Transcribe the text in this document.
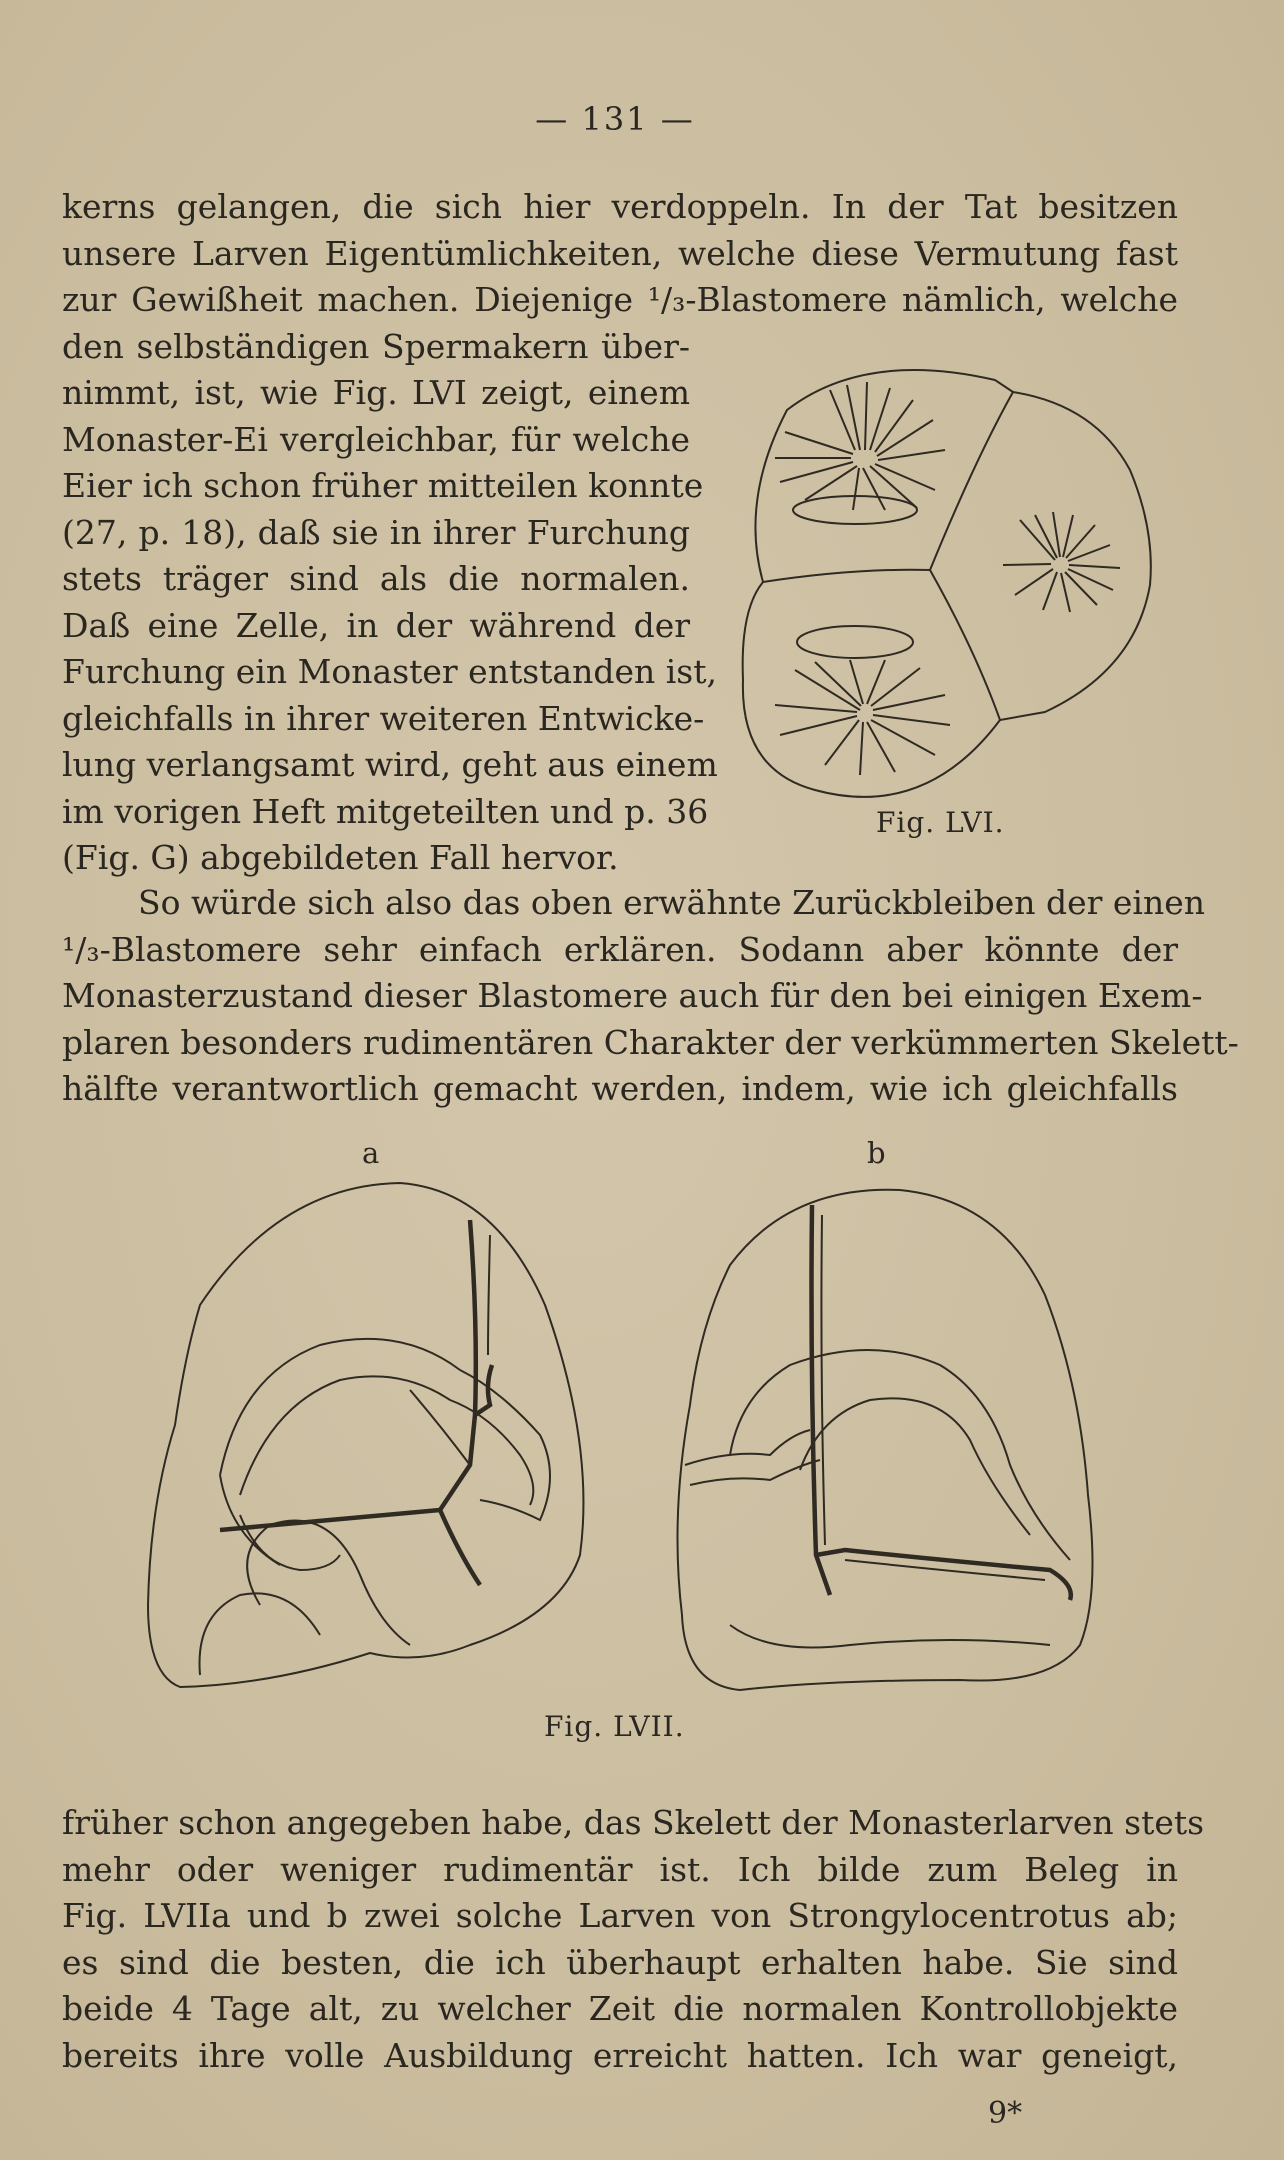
— 131 —
kerns gelangen, die sich hier verdoppeln. In der Tat besitzen
unsere Larven Eigentümlichkeiten, welche diese Vermutung fast
zur Gewißheit machen. Diejenige ¹/₃-Blastomere nämlich, welche
den selbständigen Spermakern über-
nimmt, ist, wie Fig. LVI zeigt, einem
Monaster-Ei vergleichbar, für welche
Eier ich schon früher mitteilen konnte
(27, p. 18), daß sie in ihrer Furchung
stets träger sind als die normalen.
Daß eine Zelle, in der während der
Furchung ein Monaster entstanden ist,
gleichfalls in ihrer weiteren Entwicke-
lung verlangsamt wird, geht aus einem
im vorigen Heft mitgeteilten und p. 36
(Fig. G) abgebildeten Fall hervor.
Fig. LVI.
So würde sich also das oben erwähnte Zurückbleiben der einen
¹/₃-Blastomere sehr einfach erklären. Sodann aber könnte der
Monasterzustand dieser Blastomere auch für den bei einigen Exem-
plaren besonders rudimentären Charakter der verkümmerten Skelett-
hälfte verantwortlich gemacht werden, indem, wie ich gleichfalls
a	b
Fig. LVII.
früher schon angegeben habe, das Skelett der Monasterlarven stets
mehr oder weniger rudimentär ist. Ich bilde zum Beleg in
Fig. LVIIa und b zwei solche Larven von Strongylocentrotus ab;
es sind die besten, die ich überhaupt erhalten habe. Sie sind
beide 4 Tage alt, zu welcher Zeit die normalen Kontrollobjekte
bereits ihre volle Ausbildung erreicht hatten. Ich war geneigt,
9*
